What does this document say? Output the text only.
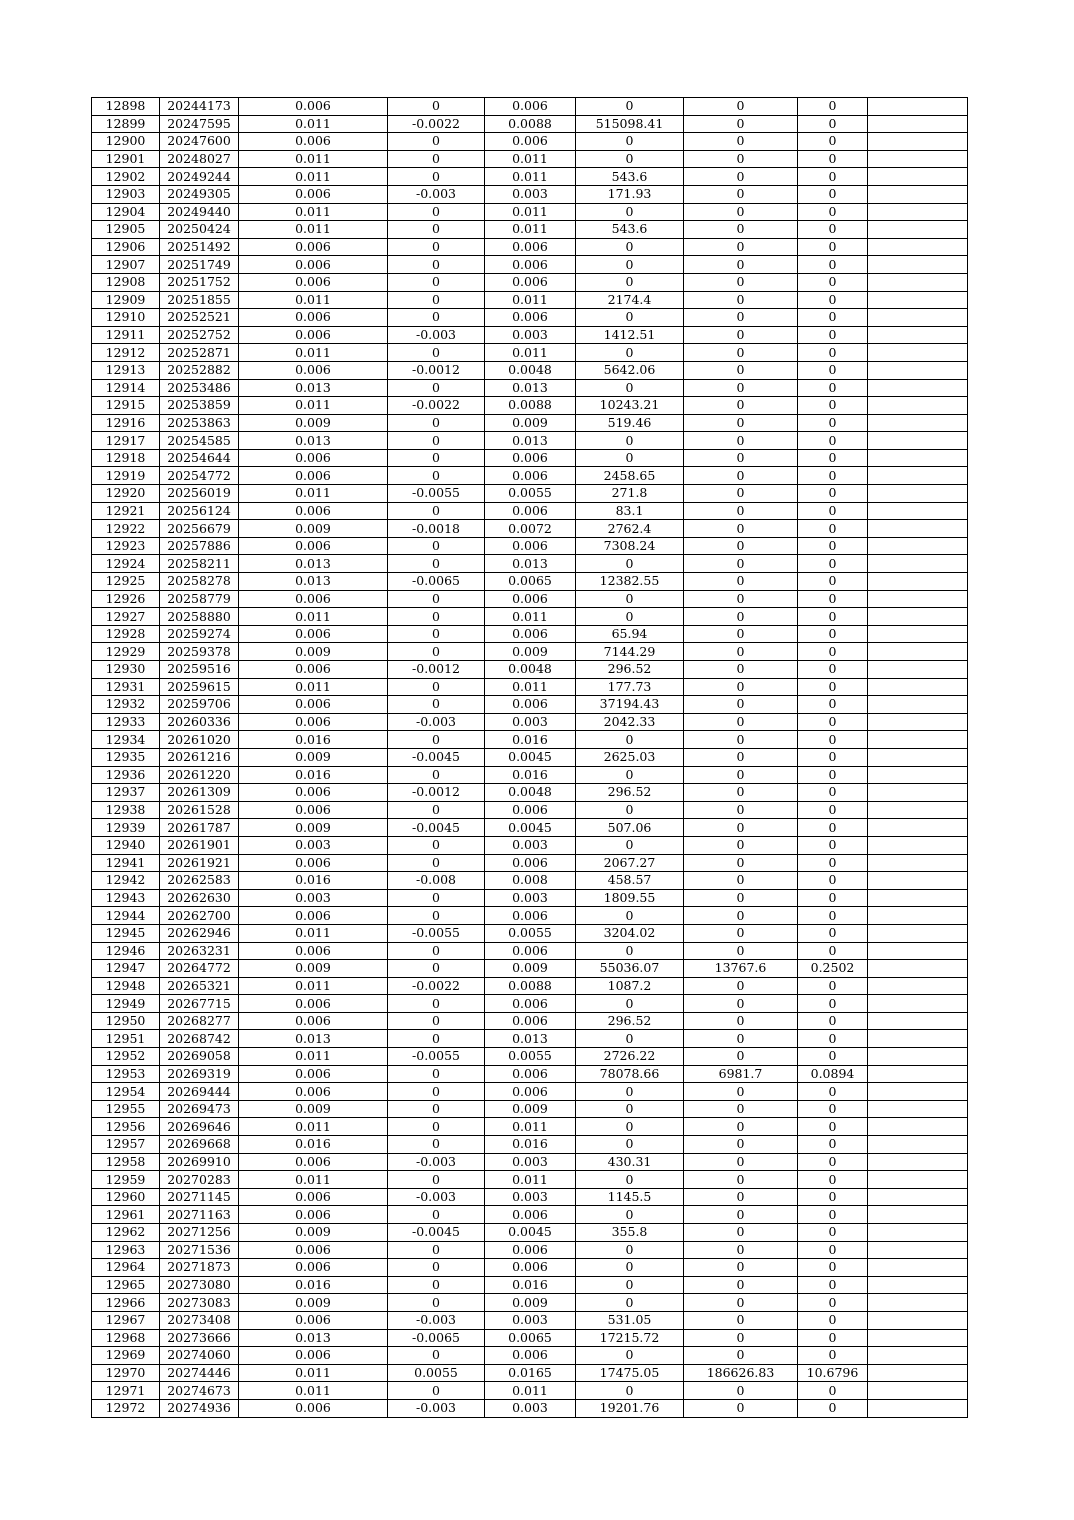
12898	20244173	0.006	0	0.006	0	0	0	
12899	20247595	0.011	-0.0022	0.0088	515098.41	0	0	
12900	20247600	0.006	0	0.006	0	0	0	
12901	20248027	0.011	0	0.011	0	0	0	
12902	20249244	0.011	0	0.011	543.6	0	0	
12903	20249305	0.006	-0.003	0.003	171.93	0	0	
12904	20249440	0.011	0	0.011	0	0	0	
12905	20250424	0.011	0	0.011	543.6	0	0	
12906	20251492	0.006	0	0.006	0	0	0	
12907	20251749	0.006	0	0.006	0	0	0	
12908	20251752	0.006	0	0.006	0	0	0	
12909	20251855	0.011	0	0.011	2174.4	0	0	
12910	20252521	0.006	0	0.006	0	0	0	
12911	20252752	0.006	-0.003	0.003	1412.51	0	0	
12912	20252871	0.011	0	0.011	0	0	0	
12913	20252882	0.006	-0.0012	0.0048	5642.06	0	0	
12914	20253486	0.013	0	0.013	0	0	0	
12915	20253859	0.011	-0.0022	0.0088	10243.21	0	0	
12916	20253863	0.009	0	0.009	519.46	0	0	
12917	20254585	0.013	0	0.013	0	0	0	
12918	20254644	0.006	0	0.006	0	0	0	
12919	20254772	0.006	0	0.006	2458.65	0	0	
12920	20256019	0.011	-0.0055	0.0055	271.8	0	0	
12921	20256124	0.006	0	0.006	83.1	0	0	
12922	20256679	0.009	-0.0018	0.0072	2762.4	0	0	
12923	20257886	0.006	0	0.006	7308.24	0	0	
12924	20258211	0.013	0	0.013	0	0	0	
12925	20258278	0.013	-0.0065	0.0065	12382.55	0	0	
12926	20258779	0.006	0	0.006	0	0	0	
12927	20258880	0.011	0	0.011	0	0	0	
12928	20259274	0.006	0	0.006	65.94	0	0	
12929	20259378	0.009	0	0.009	7144.29	0	0	
12930	20259516	0.006	-0.0012	0.0048	296.52	0	0	
12931	20259615	0.011	0	0.011	177.73	0	0	
12932	20259706	0.006	0	0.006	37194.43	0	0	
12933	20260336	0.006	-0.003	0.003	2042.33	0	0	
12934	20261020	0.016	0	0.016	0	0	0	
12935	20261216	0.009	-0.0045	0.0045	2625.03	0	0	
12936	20261220	0.016	0	0.016	0	0	0	
12937	20261309	0.006	-0.0012	0.0048	296.52	0	0	
12938	20261528	0.006	0	0.006	0	0	0	
12939	20261787	0.009	-0.0045	0.0045	507.06	0	0	
12940	20261901	0.003	0	0.003	0	0	0	
12941	20261921	0.006	0	0.006	2067.27	0	0	
12942	20262583	0.016	-0.008	0.008	458.57	0	0	
12943	20262630	0.003	0	0.003	1809.55	0	0	
12944	20262700	0.006	0	0.006	0	0	0	
12945	20262946	0.011	-0.0055	0.0055	3204.02	0	0	
12946	20263231	0.006	0	0.006	0	0	0	
12947	20264772	0.009	0	0.009	55036.07	13767.6	0.2502	
12948	20265321	0.011	-0.0022	0.0088	1087.2	0	0	
12949	20267715	0.006	0	0.006	0	0	0	
12950	20268277	0.006	0	0.006	296.52	0	0	
12951	20268742	0.013	0	0.013	0	0	0	
12952	20269058	0.011	-0.0055	0.0055	2726.22	0	0	
12953	20269319	0.006	0	0.006	78078.66	6981.7	0.0894	
12954	20269444	0.006	0	0.006	0	0	0	
12955	20269473	0.009	0	0.009	0	0	0	
12956	20269646	0.011	0	0.011	0	0	0	
12957	20269668	0.016	0	0.016	0	0	0	
12958	20269910	0.006	-0.003	0.003	430.31	0	0	
12959	20270283	0.011	0	0.011	0	0	0	
12960	20271145	0.006	-0.003	0.003	1145.5	0	0	
12961	20271163	0.006	0	0.006	0	0	0	
12962	20271256	0.009	-0.0045	0.0045	355.8	0	0	
12963	20271536	0.006	0	0.006	0	0	0	
12964	20271873	0.006	0	0.006	0	0	0	
12965	20273080	0.016	0	0.016	0	0	0	
12966	20273083	0.009	0	0.009	0	0	0	
12967	20273408	0.006	-0.003	0.003	531.05	0	0	
12968	20273666	0.013	-0.0065	0.0065	17215.72	0	0	
12969	20274060	0.006	0	0.006	0	0	0	
12970	20274446	0.011	0.0055	0.0165	17475.05	186626.83	10.6796	
12971	20274673	0.011	0	0.011	0	0	0	
12972	20274936	0.006	-0.003	0.003	19201.76	0	0	
